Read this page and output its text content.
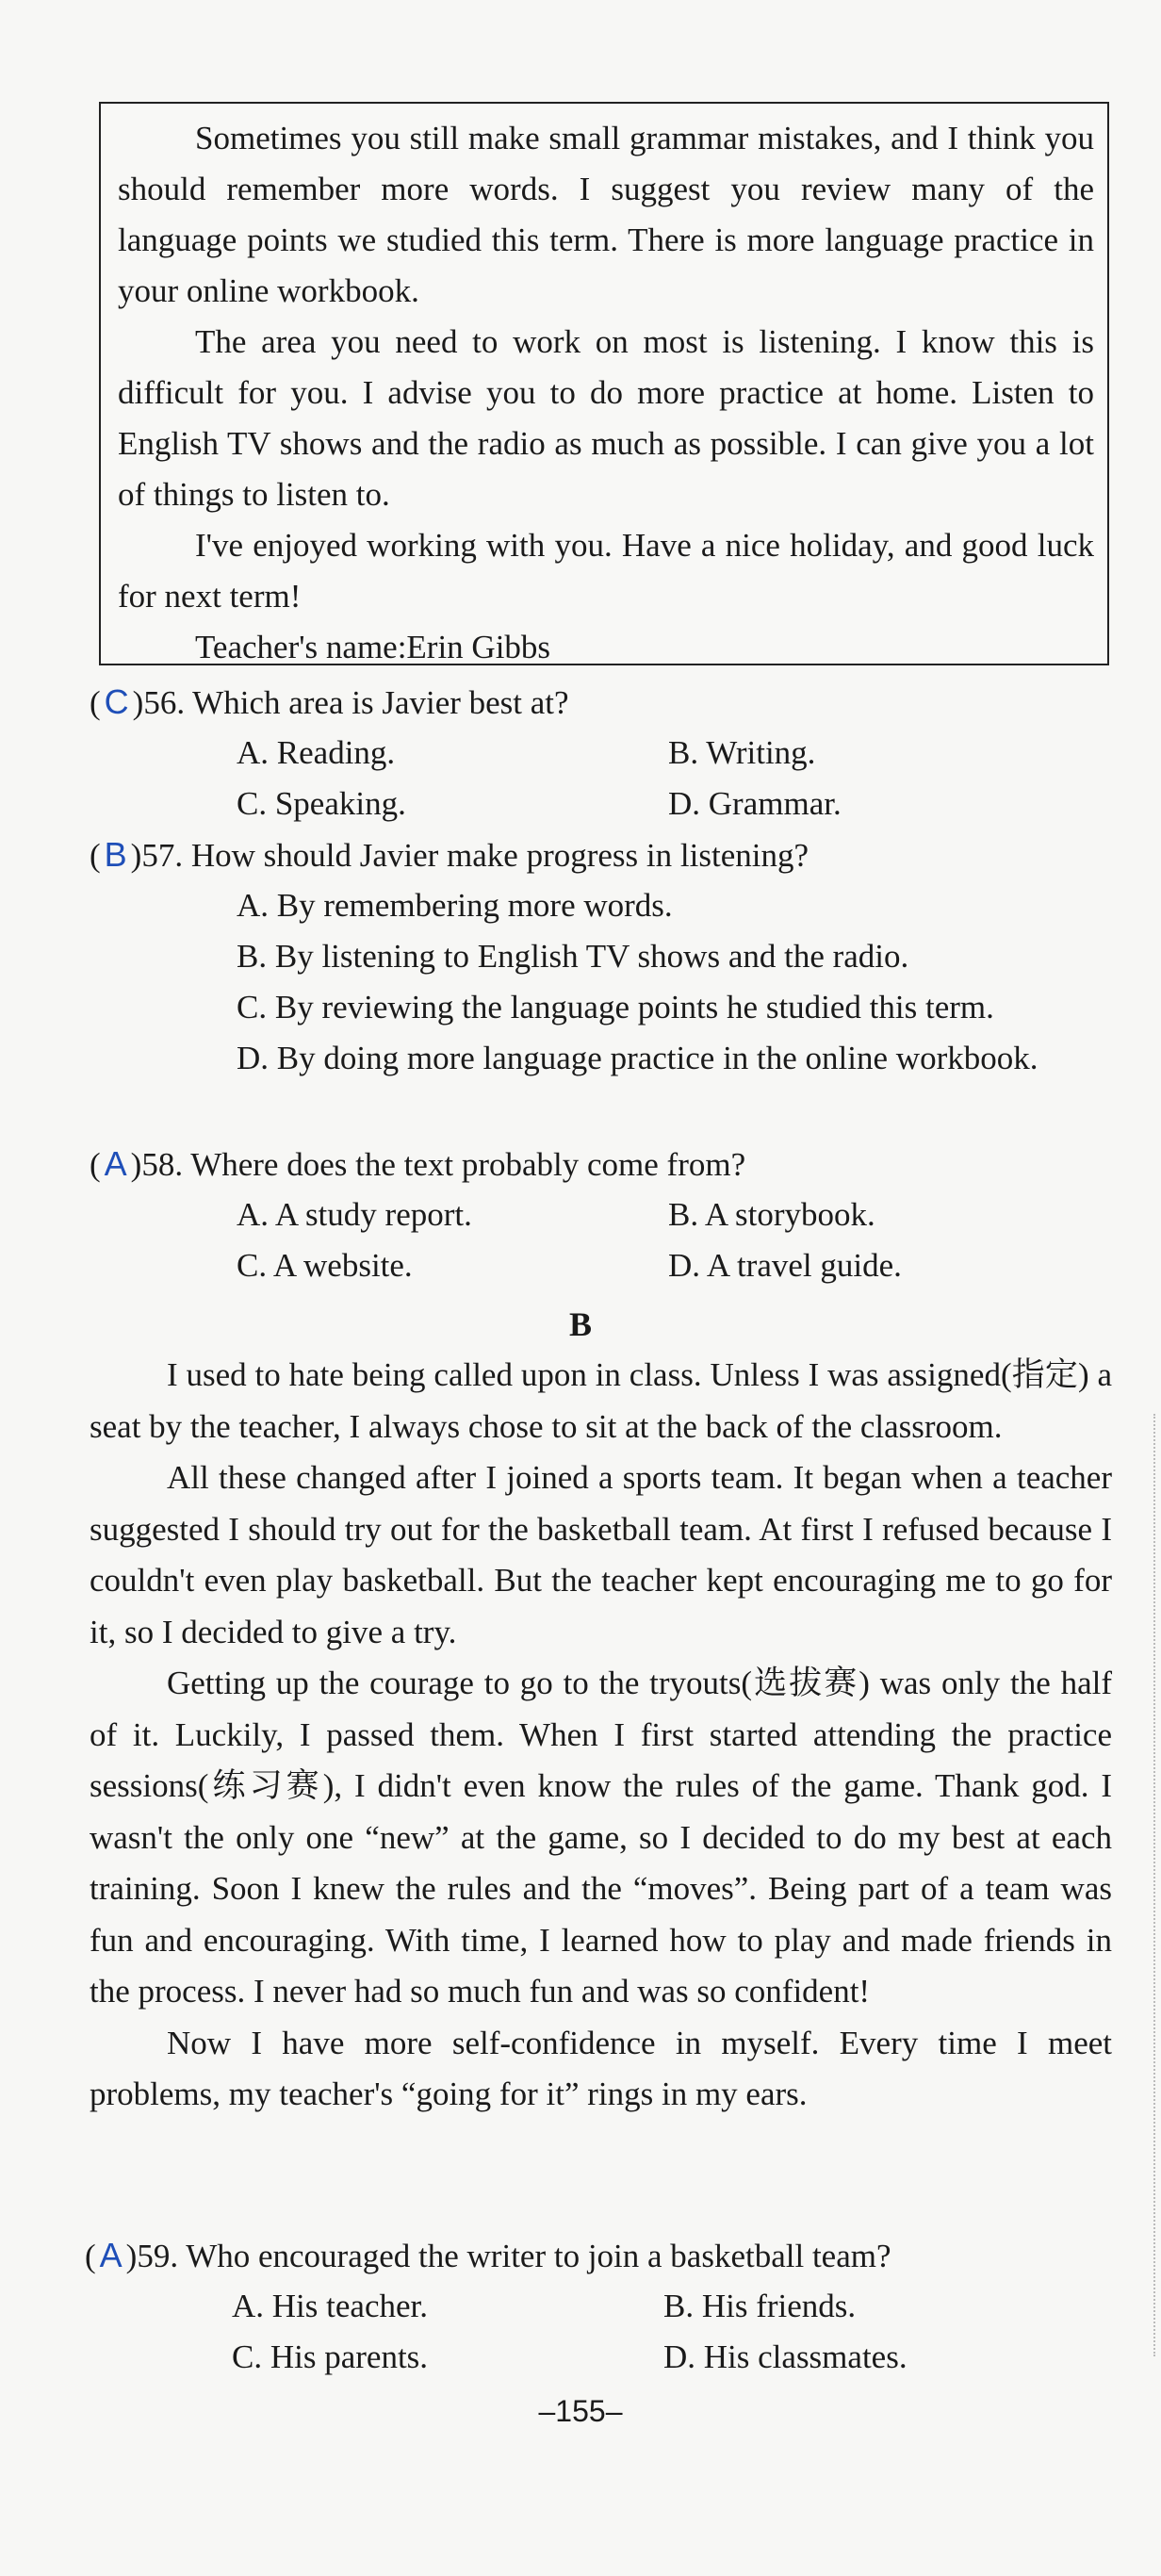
Sometimes you still make small grammar mistakes, and I think you should remember more words. I suggest you review many of the language points we studied this term. There is more language practice in your online workbook.

The area you need to work on most is listening. I know this is difficult for you. I advise you to do more practice at home. Listen to English TV shows and the radio as much as possible. I can give you a lot of things to listen to.

I've enjoyed working with you. Have a nice holiday, and good luck for next term!

Teacher's name:Erin Gibbs

( C )56. Which area is Javier best at?
A. Reading.	B. Writing.
C. Speaking.	D. Grammar.
( B )57. How should Javier make progress in listening?
A. By remembering more words.
B. By listening to English TV shows and the radio.
C. By reviewing the language points he studied this term.
D. By doing more language practice in the online workbook.
( A )58. Where does the text probably come from?
A. A study report.	B. A storybook.
C. A website.	D. A travel guide.
B

I used to hate being called upon in class. Unless I was assigned(指定) a seat by the teacher, I always chose to sit at the back of the classroom.

All these changed after I joined a sports team. It began when a teacher suggested I should try out for the basketball team. At first I refused because I couldn't even play basketball. But the teacher kept encouraging me to go for it, so I decided to give a try.

Getting up the courage to go to the tryouts(选拔赛) was only the half of it. Luckily, I passed them. When I first started attending the practice sessions(练习赛), I didn't even know the rules of the game. Thank god. I wasn't the only one “new” at the game, so I decided to do my best at each training. Soon I knew the rules and the “moves”. Being part of a team was fun and encouraging. With time, I learned how to play and made friends in the process. I never had so much fun and was so confident!

Now I have more self-confidence in myself. Every time I meet problems, my teacher's “going for it” rings in my ears.

( A )59. Who encouraged the writer to join a basketball team?
A. His teacher.	B. His friends.
C. His parents.	D. His classmates.
–155–
